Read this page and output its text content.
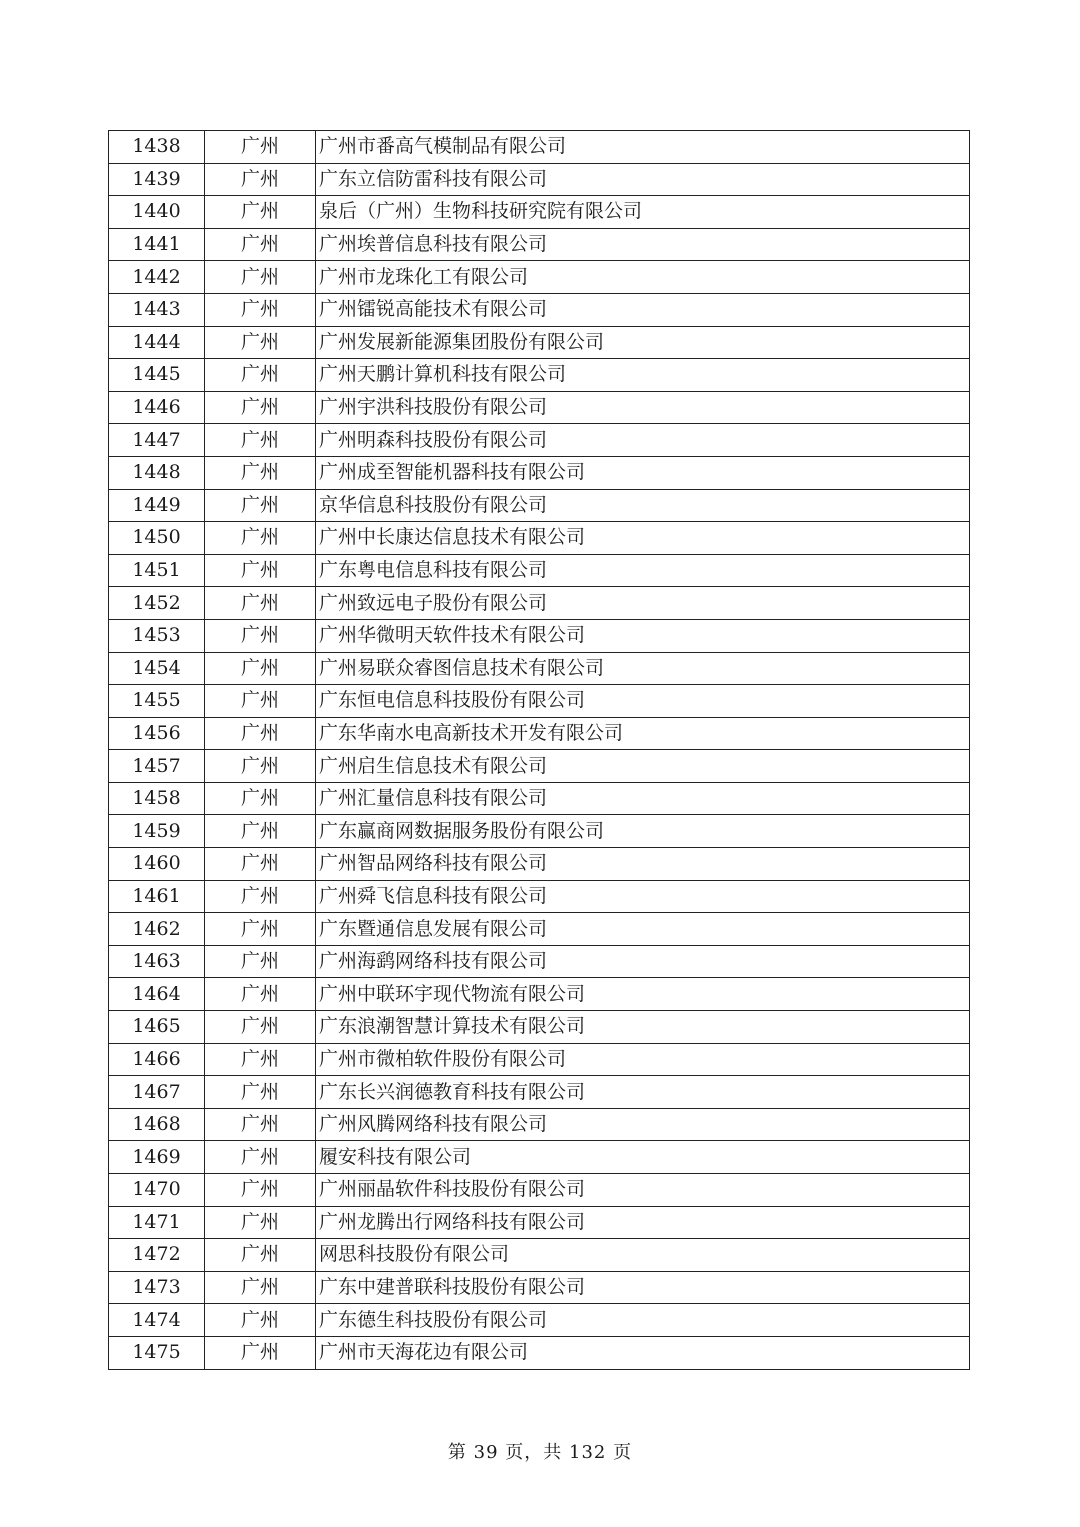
1438	广州	广州市番高气模制品有限公司
1439	广州	广东立信防雷科技有限公司
1440	广州	泉后（广州）生物科技研究院有限公司
1441	广州	广州埃普信息科技有限公司
1442	广州	广州市龙珠化工有限公司
1443	广州	广州镭锐高能技术有限公司
1444	广州	广州发展新能源集团股份有限公司
1445	广州	广州天鹏计算机科技有限公司
1446	广州	广州宇洪科技股份有限公司
1447	广州	广州明森科技股份有限公司
1448	广州	广州成至智能机器科技有限公司
1449	广州	京华信息科技股份有限公司
1450	广州	广州中长康达信息技术有限公司
1451	广州	广东粤电信息科技有限公司
1452	广州	广州致远电子股份有限公司
1453	广州	广州华微明天软件技术有限公司
1454	广州	广州易联众睿图信息技术有限公司
1455	广州	广东恒电信息科技股份有限公司
1456	广州	广东华南水电高新技术开发有限公司
1457	广州	广州启生信息技术有限公司
1458	广州	广州汇量信息科技有限公司
1459	广州	广东赢商网数据服务股份有限公司
1460	广州	广州智品网络科技有限公司
1461	广州	广州舜飞信息科技有限公司
1462	广州	广东暨通信息发展有限公司
1463	广州	广州海鹞网络科技有限公司
1464	广州	广州中联环宇现代物流有限公司
1465	广州	广东浪潮智慧计算技术有限公司
1466	广州	广州市微柏软件股份有限公司
1467	广州	广东长兴润德教育科技有限公司
1468	广州	广州风腾网络科技有限公司
1469	广州	履安科技有限公司
1470	广州	广州丽晶软件科技股份有限公司
1471	广州	广州龙腾出行网络科技有限公司
1472	广州	网思科技股份有限公司
1473	广州	广东中建普联科技股份有限公司
1474	广州	广东德生科技股份有限公司
1475	广州	广州市天海花边有限公司
第 39 页，共 132 页
